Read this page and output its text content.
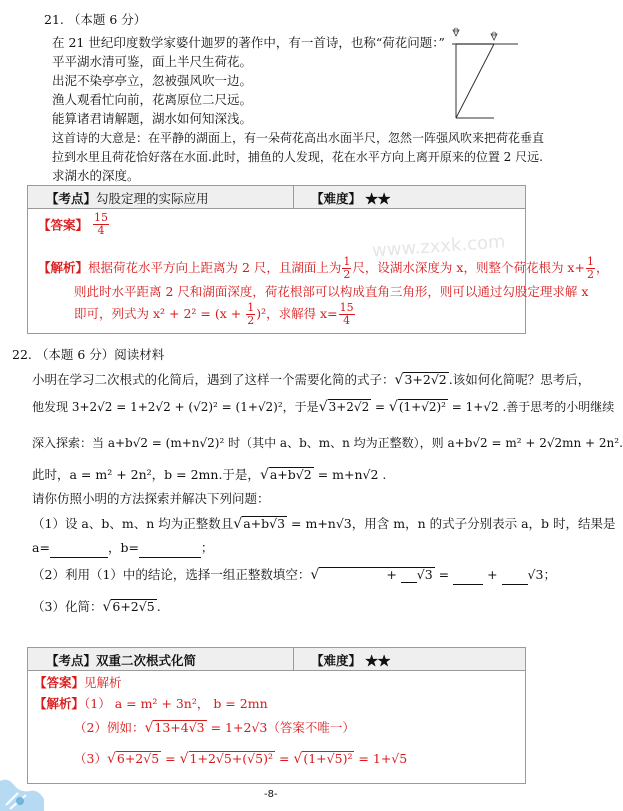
21. （本题 6 分）
在 21 世纪印度数学家婆什迦罗的著作中，有一首诗，也称“荷花问题：”
平平湖水清可鉴，面上半尺生荷花。
出泥不染亭亭立，忽被强风吹一边。
渔人观看忙向前，花离原位二尺远。
能算诸君请解题，湖水如何知深浅。
这首诗的大意是：在平静的湖面上，有一朵荷花高出水面半尺，忽然一阵强风吹来把荷花垂直
拉到水里且荷花恰好落在水面.此时，捕鱼的人发现，花在水平方向上离开原来的位置 2 尺远.
求湖水的深度。
【考点】勾股定理的实际应用	【难度】 ★★
【答案】 $\frac{15}{4}$
【解析】根据荷花水平方向上距离为 2 尺，且湖面上为 $\frac{1}{2}$ 尺，设湖水深度为 x，则整个荷花根为 $x+ \frac{1}{2}$ ，
则此时水平距离 2 尺和湖面深度，荷花根部可以构成直角三角形，则可以通过勾股定理求解 x
即可，列式为 $x^2 + 2^2 = (x + \frac{1}{2} )^2$，求解得 $x= \frac{15}{4}$
www.zxxk.com
22. （本题 6 分）阅读材料
小明在学习二次根式的化简后，遇到了这样一个需要化简的式子：√3+2√2 .该如何化简呢？思考后，
他发现 3+2√2 = 1+2√2 + (√2)² = (1+√2)²，于是√3+2√2 = √(1+√2)² = 1+√2 .善于思考的小明继续
深入探索：当 a+b√2 = (m+n√2)² 时（其中 a、b、m、n 均为正整数），则 a+b√2 = m² + 2√2mn + 2n².
此时，a = m² + 2n²，b = 2mn.于是，√a+b√2 = m+n√2 .
请你仿照小明的方法探索并解决下列问题：
（1）设 a、b、m、n 均为正整数且√a+b√3 = m+n√3，用含 m，n 的式子分别表示 a，b 时，结果是
a=	，b=	；
（2）利用（1）中的结论，选择一组正整数填空：√	+  √3 =   +  √3；
（3）化简：√6+2√5 .
【考点】双重二次根式化简	【难度】 ★★
【答案】见解析
【解析】（1） a = m² + 3n²， b = 2mn
（2）例如：√13+4√3 = 1+2√3（答案不唯一）
（3）√6+2√5 = √1+2√5+(√5)² = √(1+√5)² = 1+√5
-8-
